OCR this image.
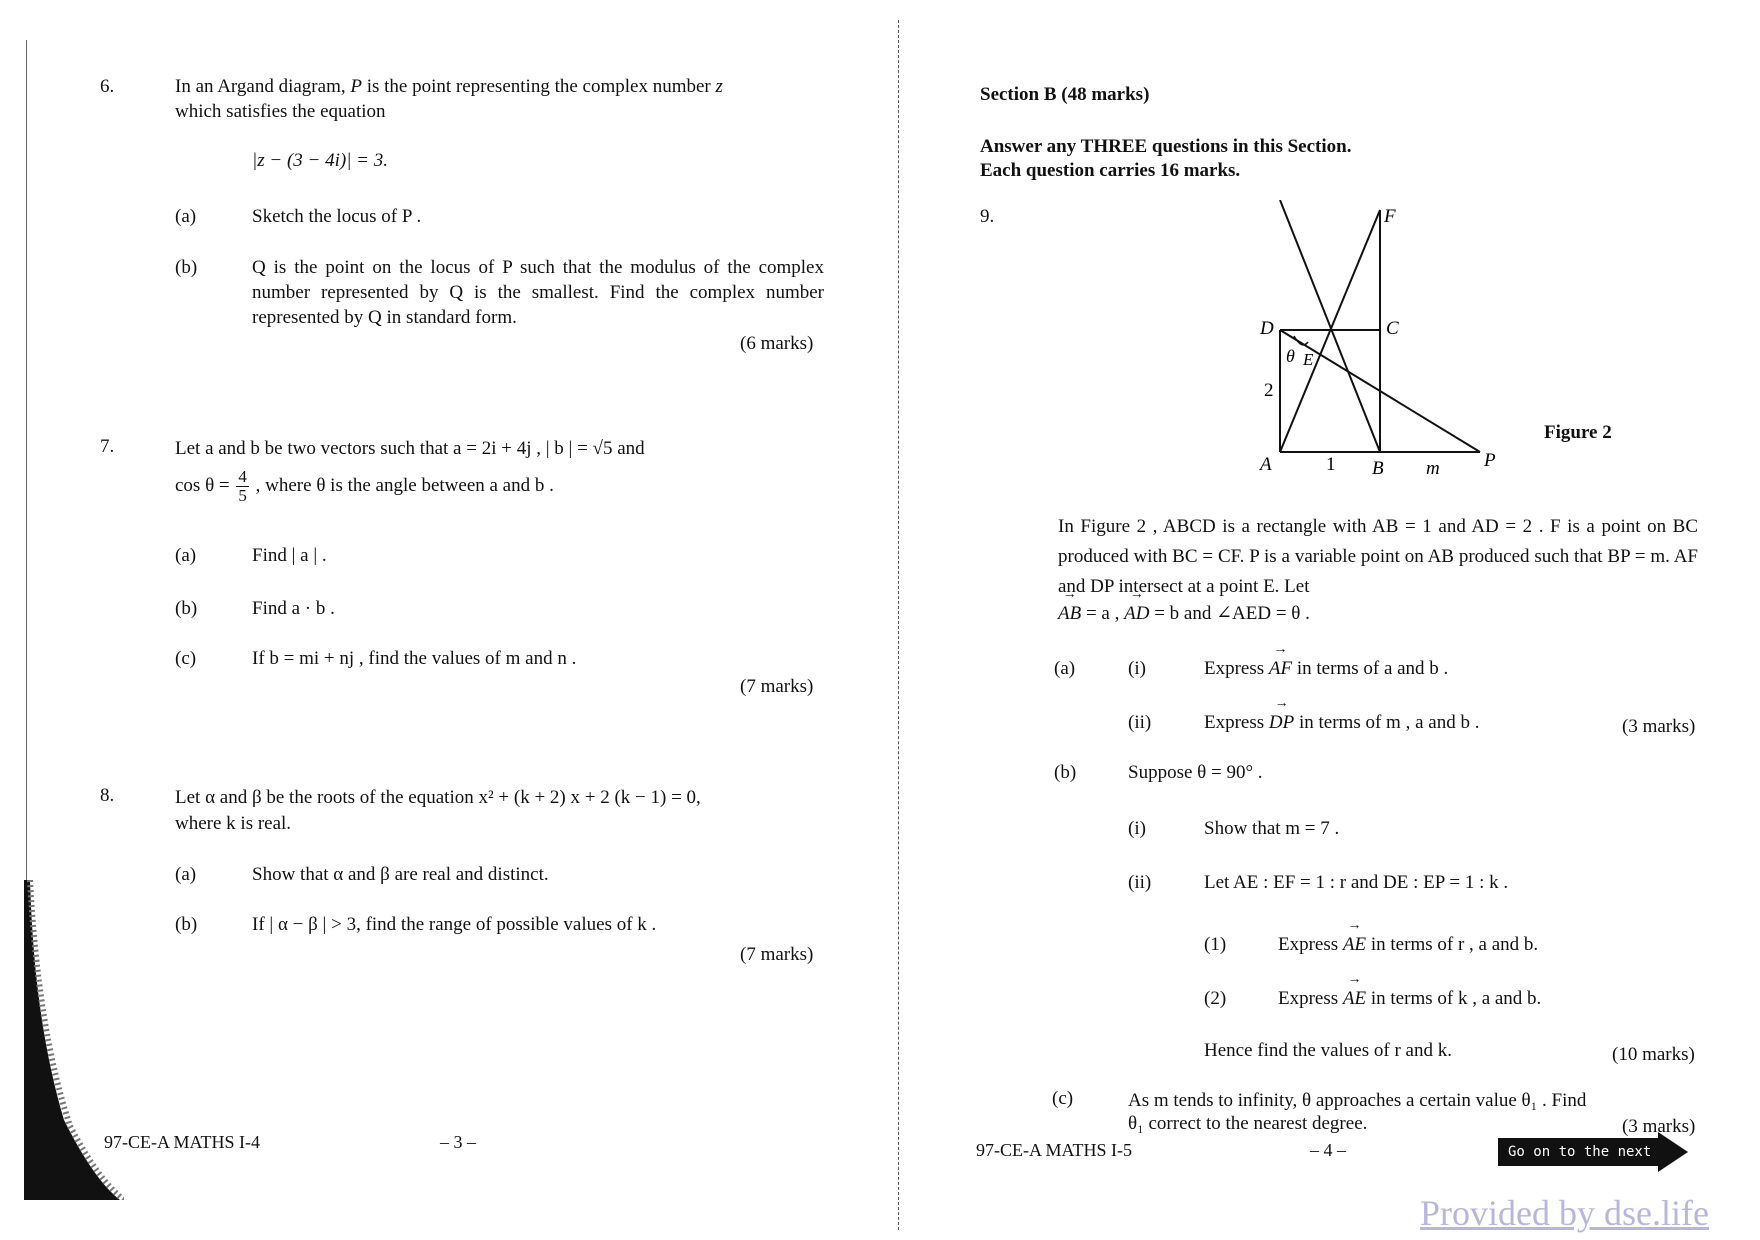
6.	In an Argand diagram, P is the point representing the complex number z
which satisfies the equation
|z − (3 − 4i)| = 3.
(a)	Sketch the locus of P .
(b)	Q is the point on the locus of P such that the modulus of the complex number represented by Q is the smallest. Find the complex number represented by Q in standard form.
(6 marks)
7.	Let a and b be two vectors such that a = 2i + 4j , | b | = √5 and
$\cos \theta = \frac{4}{5}$ , where θ is the angle between a and b .
(a)	Find | a | .
(b)	Find a · b .
(c)	If b = mi + nj , find the values of m and n .
(7 marks)
8.	Let α and β be the roots of the equation x² + (k + 2) x + 2 (k − 1) = 0,
where k is real.
(a)	Show that α and β are real and distinct.
(b)	If | α − β | > 3, find the range of possible values of k .
(7 marks)
97-CE-A MATHS I-4	– 3 –
Section B (48 marks)
Answer any THREE questions in this Section.
Each question carries 16 marks.
9.	F
C
D
θ E
2
A	1 B m P
Figure 2
In Figure 2 , ABCD is a rectangle with AB = 1 and AD = 2 . F is a point on BC produced with BC = CF. P is a variable point on AB produced such that BP = m. AF and DP intersect at a point E. Let
→ AB = a , → AD = b and ∠AED = θ .
(a)	(i)	Express → AF in terms of a and b .
(ii)	Express → DP in terms of m , a and b .	(3 marks)
(b)	Suppose θ = 90° .
(i)	Show that m = 7 .
(ii)	Let AE : EF = 1 : r and DE : EP = 1 : k .
(1)	Express → AE in terms of r , a and b.
(2)	Express → AE in terms of k , a and b.
Hence find the values of r and k.	(10 marks)
(c)	As m tends to infinity, θ approaches a certain value θ₁ . Find
θ₁ correct to the nearest degree.	(3 marks)
97-CE-A MATHS I-5	– 4 –	Go on to the next page
Provided by dse.life
